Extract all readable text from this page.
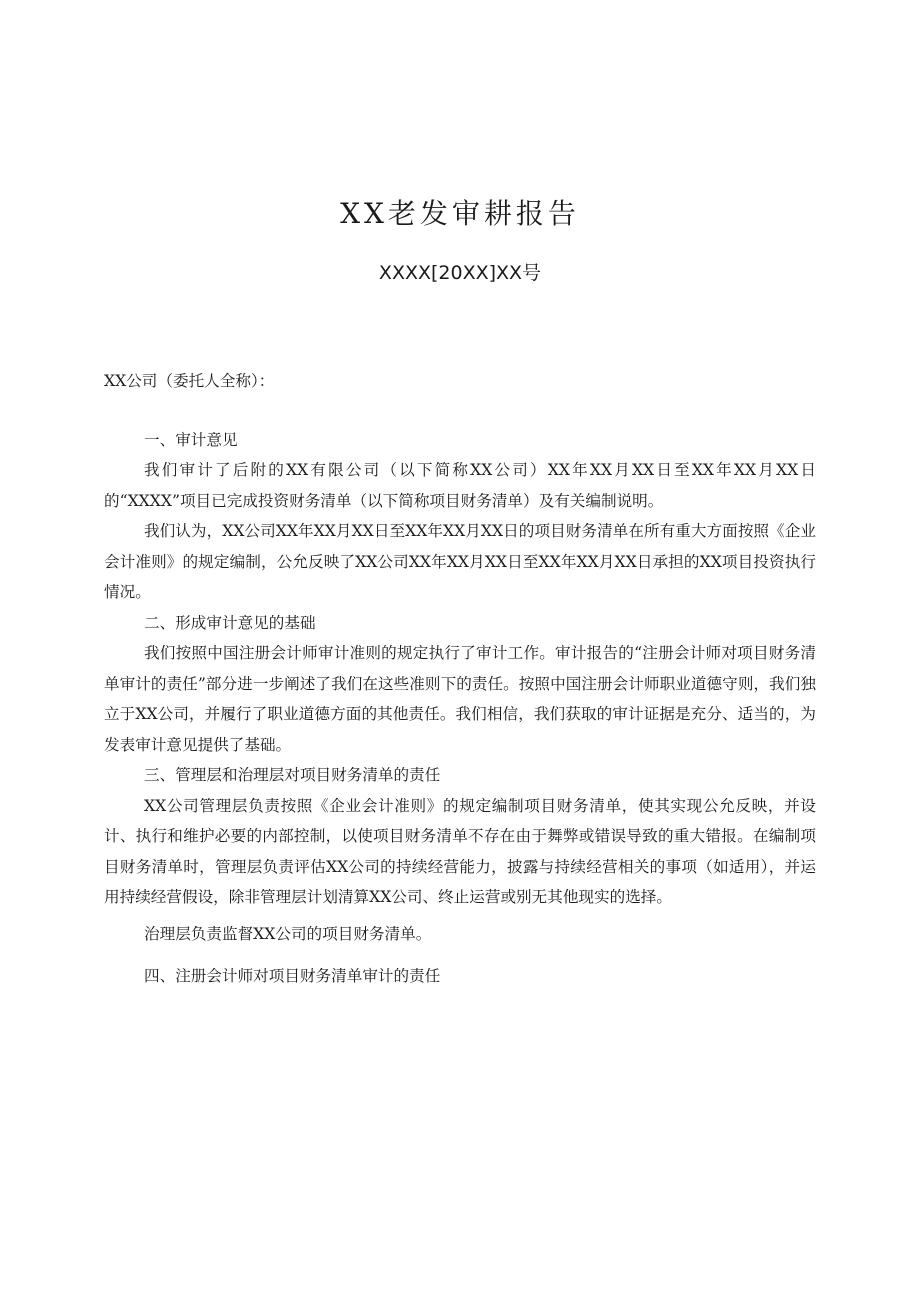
XX老发审耕报告
XXXX[20XX]XX号

XX公司（委托人全称）：

一、审计意见

我们审计了后附的XX有限公司（以下简称XX公司）XX年XX月XX日至XX年XX月XX日的“XXXX”项目已完成投资财务清单（以下简称项目财务清单）及有关编制说明。

我们认为，XX公司XX年XX月XX日至XX年XX月XX日的项目财务清单在所有重大方面按照《企业会计准则》的规定编制，公允反映了XX公司XX年XX月XX日至XX年XX月XX日承担的XX项目投资执行情况。

二、形成审计意见的基础

我们按照中国注册会计师审计准则的规定执行了审计工作。审计报告的“注册会计师对项目财务清单审计的责任”部分进一步阐述了我们在这些准则下的责任。按照中国注册会计师职业道德守则，我们独立于XX公司，并履行了职业道德方面的其他责任。我们相信，我们获取的审计证据是充分、适当的，为发表审计意见提供了基础。

三、管理层和治理层对项目财务清单的责任

XX公司管理层负责按照《企业会计准则》的规定编制项目财务清单，使其实现公允反映，并设计、执行和维护必要的内部控制，以使项目财务清单不存在由于舞弊或错误导致的重大错报。在编制项目财务清单时，管理层负责评估XX公司的持续经营能力，披露与持续经营相关的事项（如适用），并运用持续经营假设，除非管理层计划清算XX公司、终止运营或别无其他现实的选择。

治理层负责监督XX公司的项目财务清单。

四、注册会计师对项目财务清单审计的责任
